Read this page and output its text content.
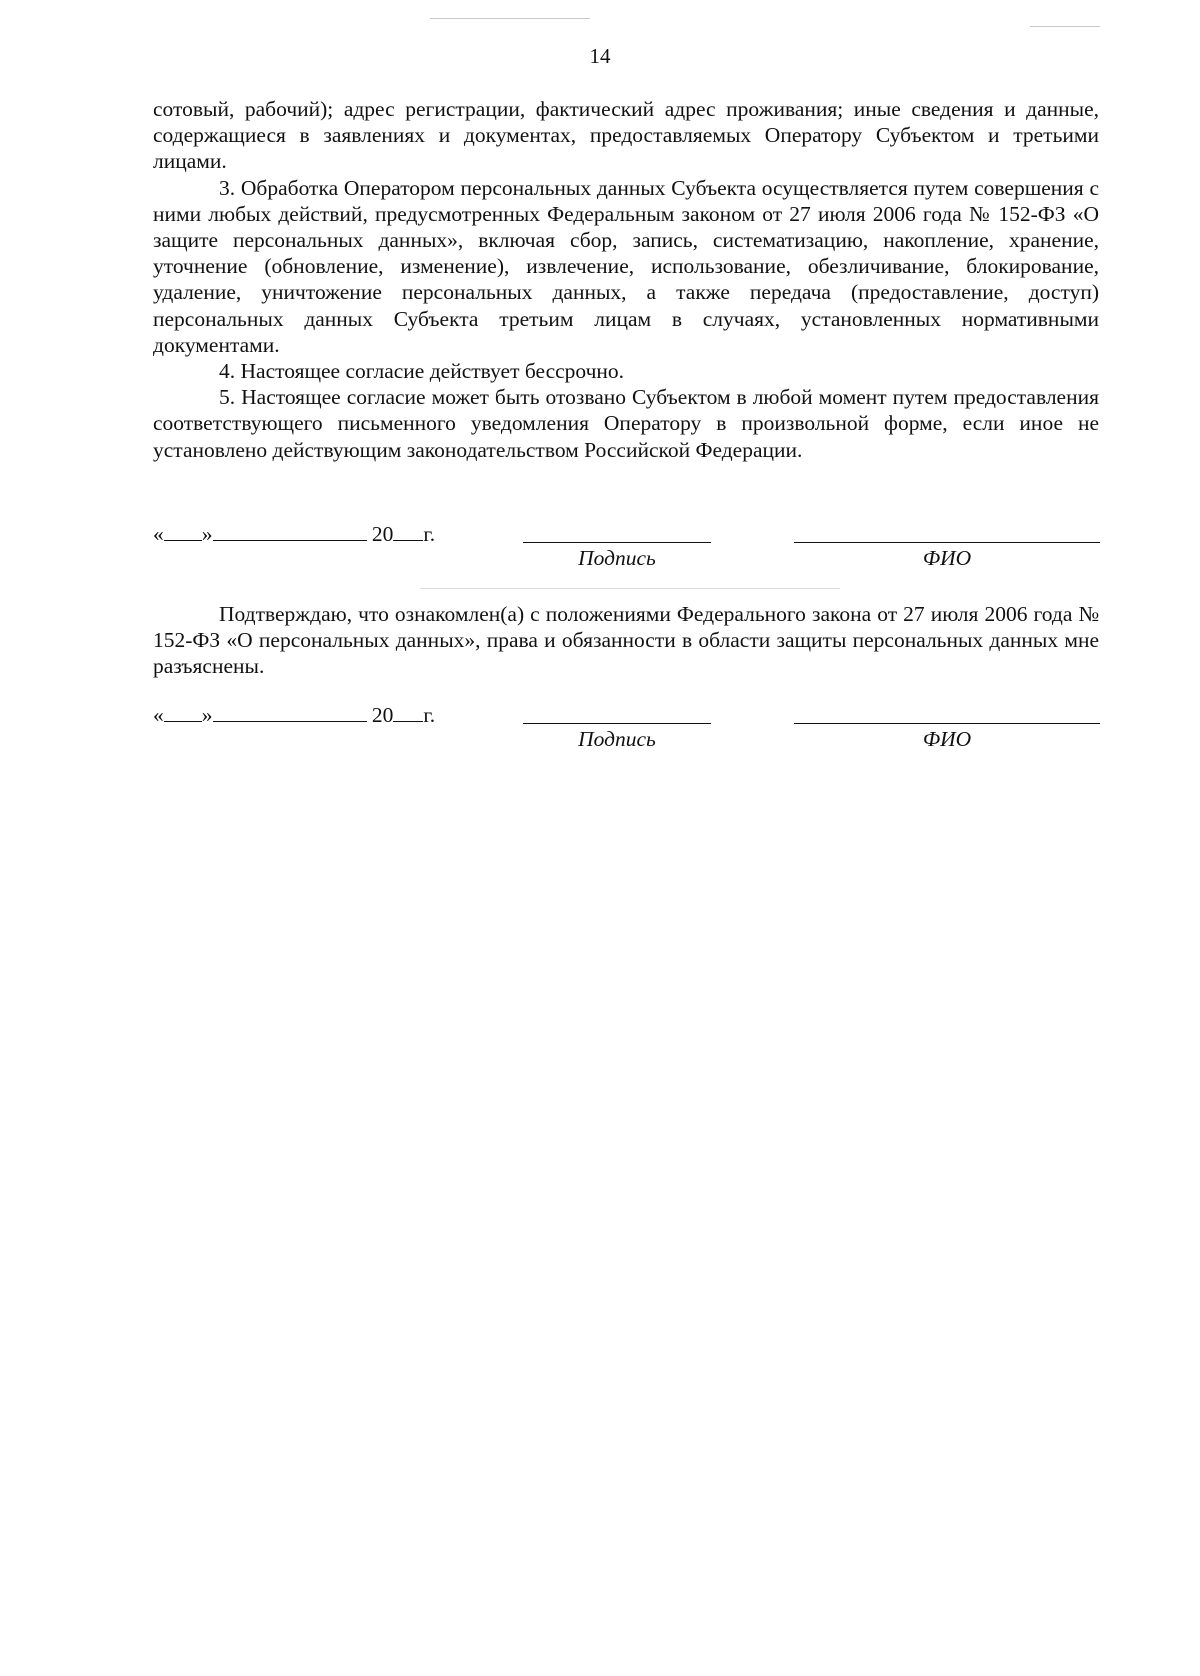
14

сотовый, рабочий); адрес регистрации, фактический адрес проживания; иные сведения и данные, содержащиеся в заявлениях и документах, предоставляемых Оператору Субъектом и третьими лицами.

3. Обработка Оператором персональных данных Субъекта осуществляется путем совершения с ними любых действий, предусмотренных Федеральным законом от 27 июля 2006 года № 152-ФЗ «О защите персональных данных», включая сбор, запись, систематизацию, накопление, хранение, уточнение (обновление, изменение), извлечение, использование, обезличивание, блокирование, удаление, уничтожение персональных данных, а также передача (предоставление, доступ) персональных данных Субъекта третьим лицам в случаях, установленных нормативными документами.

4. Настоящее согласие действует бессрочно.

5. Настоящее согласие может быть отозвано Субъектом в любой момент путем предоставления соответствующего письменного уведомления Оператору в произвольной форме, если иное не установлено действующим законодательством Российской Федерации.

« »	20 г.
Подпись	ФИО

Подтверждаю, что ознакомлен(а) с положениями Федерального закона от 27 июля 2006 года № 152-ФЗ «О персональных данных», права и обязанности в области защиты персональных данных мне разъяснены.

« »	20 г.
Подпись	ФИО
